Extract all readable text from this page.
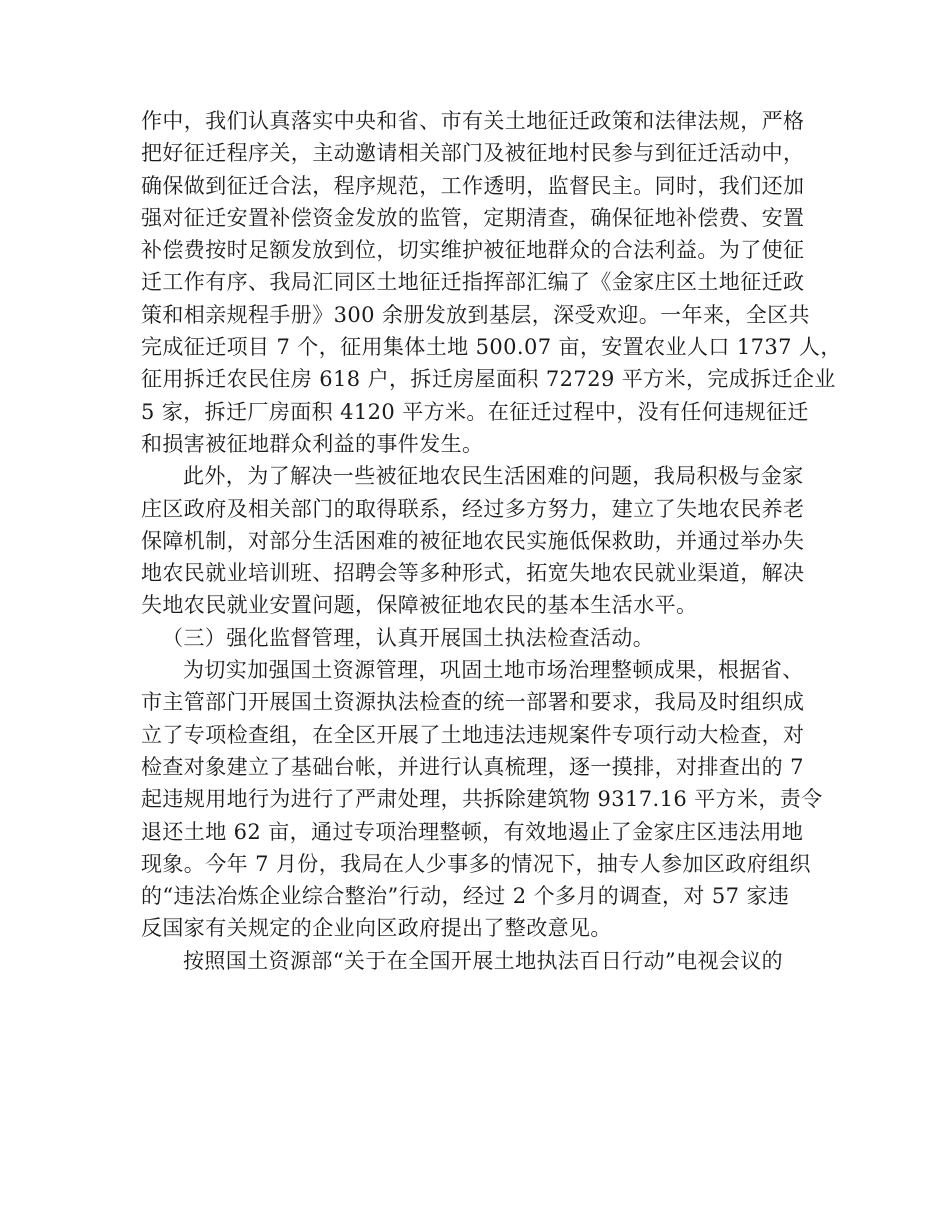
作中，我们认真落实中央和省、市有关土地征迁政策和法律法规，严格
把好征迁程序关，主动邀请相关部门及被征地村民参与到征迁活动中，
确保做到征迁合法，程序规范，工作透明，监督民主。同时，我们还加
强对征迁安置补偿资金发放的监管，定期清查，确保征地补偿费、安置
补偿费按时足额发放到位，切实维护被征地群众的合法利益。为了使征
迁工作有序、我局汇同区土地征迁指挥部汇编了《金家庄区土地征迁政
策和相亲规程手册》300 余册发放到基层，深受欢迎。一年来，全区共
完成征迁项目 7 个，征用集体土地 500.07 亩，安置农业人口 1737 人，
征用拆迁农民住房 618 户，拆迁房屋面积 72729 平方米，完成拆迁企业
5 家，拆迁厂房面积 4120 平方米。在征迁过程中，没有任何违规征迁
和损害被征地群众利益的事件发生。
此外，为了解决一些被征地农民生活困难的问题，我局积极与金家
庄区政府及相关部门的取得联系，经过多方努力，建立了失地农民养老
保障机制，对部分生活困难的被征地农民实施低保救助，并通过举办失
地农民就业培训班、招聘会等多种形式，拓宽失地农民就业渠道，解决
失地农民就业安置问题，保障被征地农民的基本生活水平。
（三）强化监督管理，认真开展国土执法检查活动。
为切实加强国土资源管理，巩固土地市场治理整顿成果，根据省、
市主管部门开展国土资源执法检查的统一部署和要求，我局及时组织成
立了专项检查组，在全区开展了土地违法违规案件专项行动大检查，对
检查对象建立了基础台帐，并进行认真梳理，逐一摸排，对排查出的 7
起违规用地行为进行了严肃处理，共拆除建筑物 9317.16 平方米，责令
退还土地 62 亩，通过专项治理整顿，有效地遏止了金家庄区违法用地
现象。今年 7 月份，我局在人少事多的情况下，抽专人参加区政府组织
的“违法冶炼企业综合整治”行动，经过 2 个多月的调查，对 57 家违
反国家有关规定的企业向区政府提出了整改意见。
按照国土资源部“关于在全国开展土地执法百日行动”电视会议的
